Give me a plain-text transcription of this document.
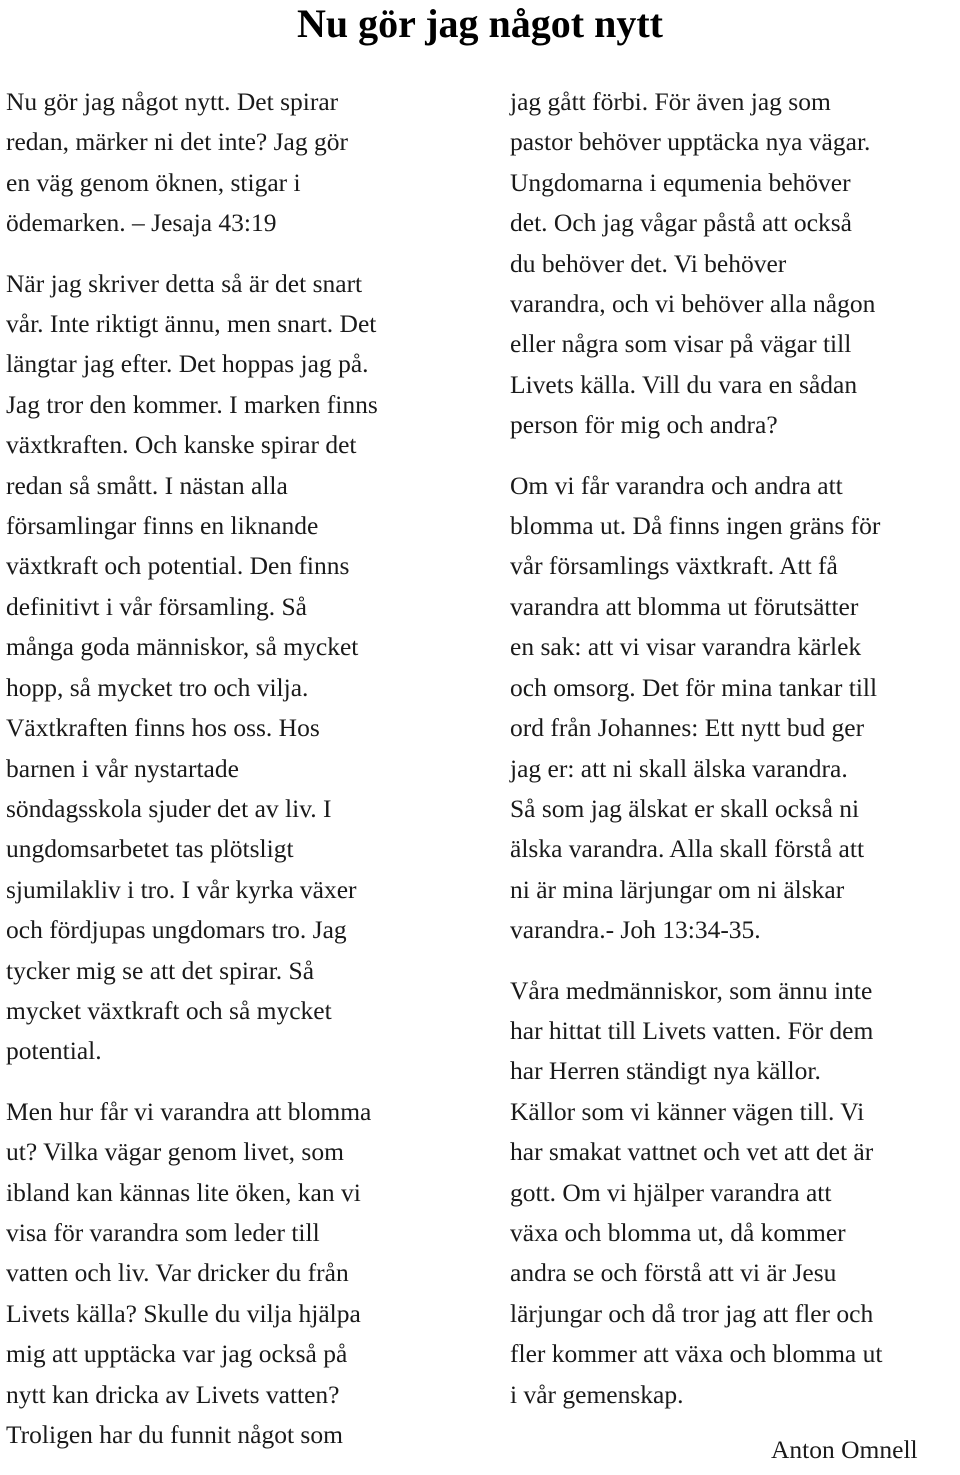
Nu gör jag något nytt

Nu gör jag något nytt. Det spirar
redan, märker ni det inte? Jag gör
en väg genom öknen, stigar i
ödemarken. – Jesaja 43:19

När jag skriver detta så är det snart
vår. Inte riktigt ännu, men snart. Det
längtar jag efter. Det hoppas jag på.
Jag tror den kommer. I marken finns
växtkraften. Och kanske spirar det
redan så smått. I nästan alla
församlingar finns en liknande
växtkraft och potential. Den finns
definitivt i vår församling. Så
många goda människor, så mycket
hopp, så mycket tro och vilja.
Växtkraften finns hos oss. Hos
barnen i vår nystartade
söndagsskola sjuder det av liv. I
ungdomsarbetet tas plötsligt
sjumilakliv i tro. I vår kyrka växer
och fördjupas ungdomars tro. Jag
tycker mig se att det spirar. Så
mycket växtkraft och så mycket
potential.

Men hur får vi varandra att blomma
ut? Vilka vägar genom livet, som
ibland kan kännas lite öken, kan vi
visa för varandra som leder till
vatten och liv. Var dricker du från
Livets källa? Skulle du vilja hjälpa
mig att upptäcka var jag också på
nytt kan dricka av Livets vatten?
Troligen har du funnit något som

jag gått förbi. För även jag som
pastor behöver upptäcka nya vägar.
Ungdomarna i equmenia behöver
det. Och jag vågar påstå att också
du behöver det. Vi behöver
varandra, och vi behöver alla någon
eller några som visar på vägar till
Livets källa. Vill du vara en sådan
person för mig och andra?

Om vi får varandra och andra att
blomma ut. Då finns ingen gräns för
vår församlings växtkraft. Att få
varandra att blomma ut förutsätter
en sak: att vi visar varandra kärlek
och omsorg. Det för mina tankar till
ord från Johannes: Ett nytt bud ger
jag er: att ni skall älska varandra.
Så som jag älskat er skall också ni
älska varandra. Alla skall förstå att
ni är mina lärjungar om ni älskar
varandra.- Joh 13:34-35.

Våra medmänniskor, som ännu inte
har hittat till Livets vatten. För dem
har Herren ständigt nya källor.
Källor som vi känner vägen till. Vi
har smakat vattnet och vet att det är
gott. Om vi hjälper varandra att
växa och blomma ut, då kommer
andra se och förstå att vi är Jesu
lärjungar och då tror jag att fler och
fler kommer att växa och blomma ut
i vår gemenskap.

Anton Omnell
